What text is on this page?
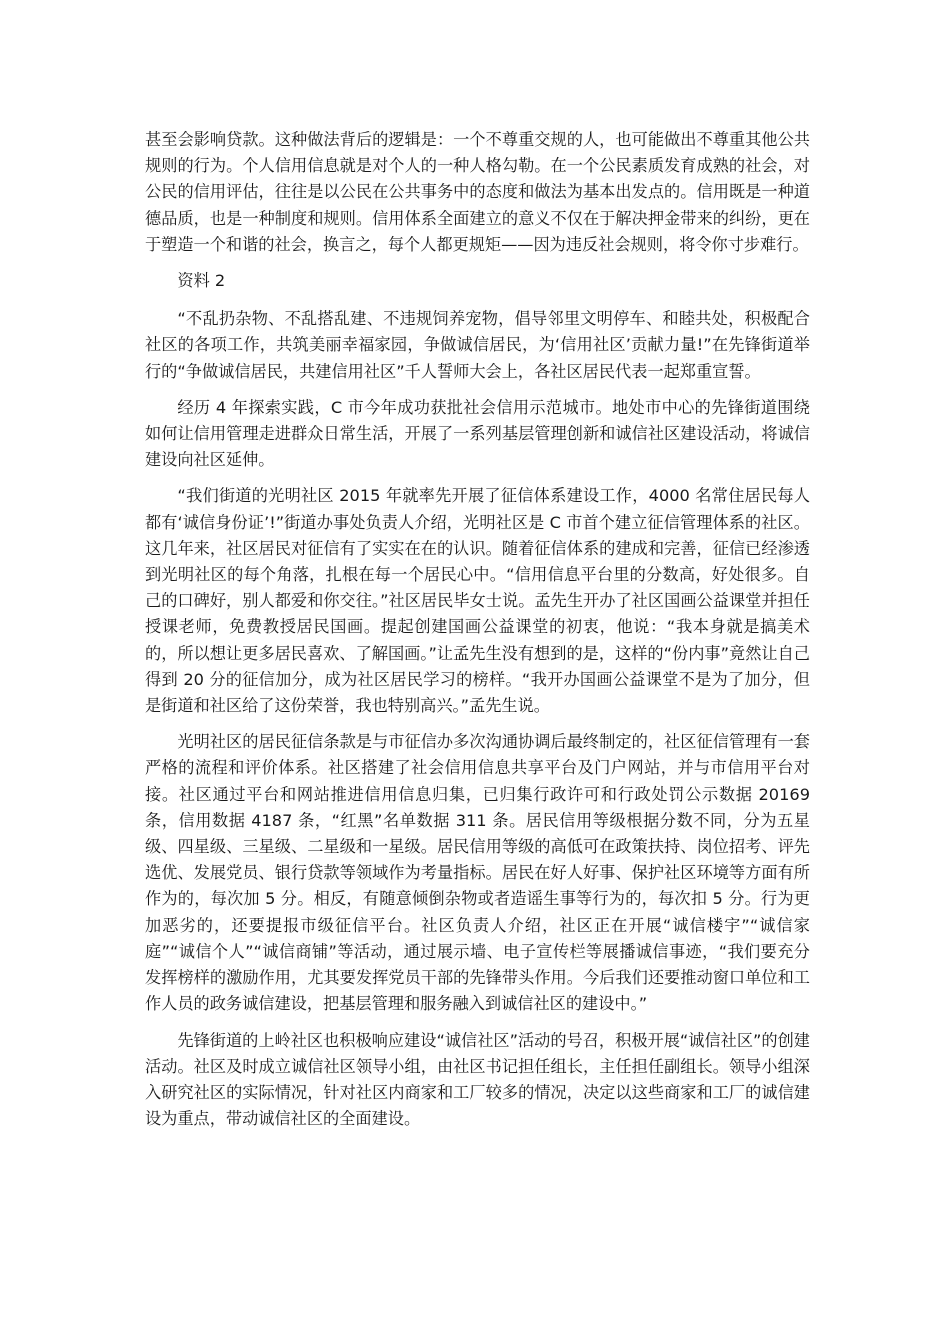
甚至会影响贷款。这种做法背后的逻辑是：一个不尊重交规的人，也可能做出不尊重其他公共规则的行为。个人信用信息就是对个人的一种人格勾勒。在一个公民素质发育成熟的社会，对公民的信用评估，往往是以公民在公共事务中的态度和做法为基本出发点的。信用既是一种道德品质，也是一种制度和规则。信用体系全面建立的意义不仅在于解决押金带来的纠纷，更在于塑造一个和谐的社会，换言之，每个人都更规矩——因为违反社会规则，将令你寸步难行。

资料 2

“不乱扔杂物、不乱搭乱建、不违规饲养宠物，倡导邻里文明停车、和睦共处，积极配合社区的各项工作，共筑美丽幸福家园，争做诚信居民，为‘信用社区’贡献力量!”在先锋街道举行的“争做诚信居民，共建信用社区”千人誓师大会上，各社区居民代表一起郑重宣誓。

经历 4 年探索实践，C 市今年成功获批社会信用示范城市。地处市中心的先锋街道围绕如何让信用管理走进群众日常生活，开展了一系列基层管理创新和诚信社区建设活动，将诚信建设向社区延伸。

“我们街道的光明社区 2015 年就率先开展了征信体系建设工作，4000 名常住居民每人都有‘诚信身份证’!”街道办事处负责人介绍，光明社区是 C 市首个建立征信管理体系的社区。这几年来，社区居民对征信有了实实在在的认识。随着征信体系的建成和完善，征信已经渗透到光明社区的每个角落，扎根在每一个居民心中。“信用信息平台里的分数高，好处很多。自己的口碑好，别人都爱和你交往。”社区居民毕女士说。孟先生开办了社区国画公益课堂并担任授课老师，免费教授居民国画。提起创建国画公益课堂的初衷，他说：“我本身就是搞美术的，所以想让更多居民喜欢、了解国画。”让孟先生没有想到的是，这样的“份内事”竟然让自己得到 20 分的征信加分，成为社区居民学习的榜样。“我开办国画公益课堂不是为了加分，但是街道和社区给了这份荣誉，我也特别高兴。”孟先生说。

光明社区的居民征信条款是与市征信办多次沟通协调后最终制定的，社区征信管理有一套严格的流程和评价体系。社区搭建了社会信用信息共享平台及门户网站，并与市信用平台对接。社区通过平台和网站推进信用信息归集，已归集行政许可和行政处罚公示数据 20169 条，信用数据 4187 条，“红黑”名单数据 311 条。居民信用等级根据分数不同，分为五星级、四星级、三星级、二星级和一星级。居民信用等级的高低可在政策扶持、岗位招考、评先选优、发展党员、银行贷款等领域作为考量指标。居民在好人好事、保护社区环境等方面有所作为的，每次加 5 分。相反，有随意倾倒杂物或者造谣生事等行为的，每次扣 5 分。行为更加恶劣的，还要提报市级征信平台。社区负责人介绍，社区正在开展“诚信楼宇”“诚信家庭”“诚信个人”“诚信商铺”等活动，通过展示墙、电子宣传栏等展播诚信事迹，“我们要充分发挥榜样的激励作用，尤其要发挥党员干部的先锋带头作用。今后我们还要推动窗口单位和工作人员的政务诚信建设，把基层管理和服务融入到诚信社区的建设中。”

先锋街道的上岭社区也积极响应建设“诚信社区”活动的号召，积极开展“诚信社区”的创建活动。社区及时成立诚信社区领导小组，由社区书记担任组长，主任担任副组长。领导小组深入研究社区的实际情况，针对社区内商家和工厂较多的情况，决定以这些商家和工厂的诚信建设为重点，带动诚信社区的全面建设。
